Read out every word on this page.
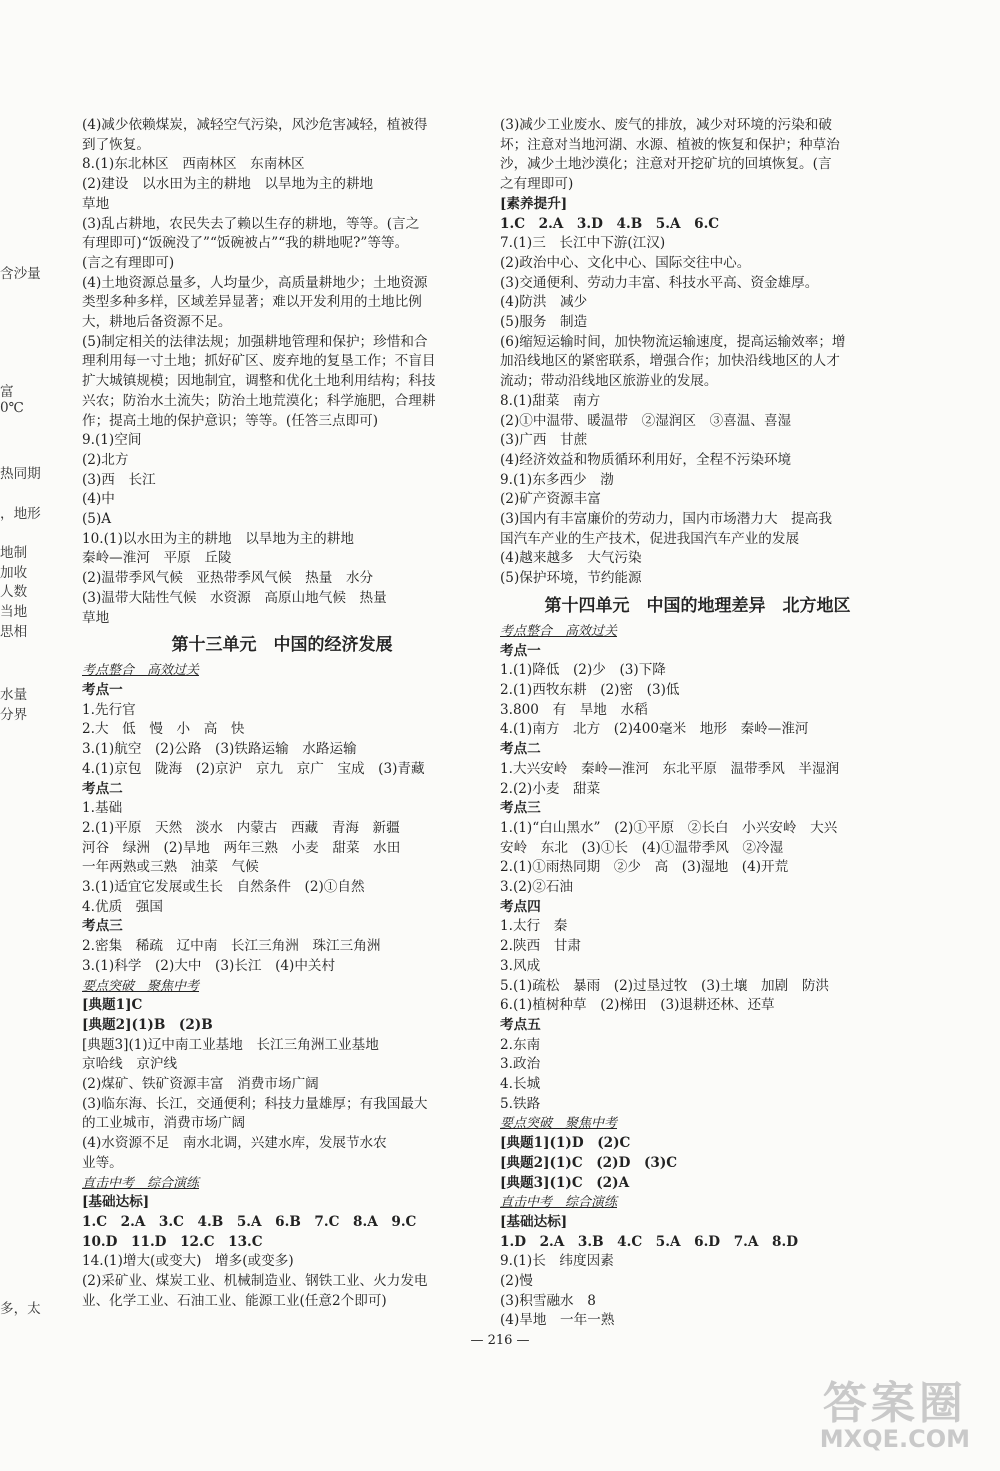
含沙量
富
0℃
热同期
，地形
地制
加收
人数
当地
思相
水量
分界
多，太
(4)减少依赖煤炭，减轻空气污染，风沙危害减轻，植被得
到了恢复。
8.(1)东北林区　西南林区　东南林区
(2)建设　以水田为主的耕地　以旱地为主的耕地
草地
(3)乱占耕地，农民失去了赖以生存的耕地，等等。(言之
有理即可)“饭碗没了”“饭碗被占”“我的耕地呢?”等等。
(言之有理即可)
(4)土地资源总量多，人均量少，高质量耕地少；土地资源
类型多种多样，区域差异显著；难以开发利用的土地比例
大，耕地后备资源不足。
(5)制定相关的法律法规；加强耕地管理和保护；珍惜和合
理利用每一寸土地；抓好矿区、废弃地的复垦工作；不盲目
扩大城镇规模；因地制宜，调整和优化土地利用结构；科技
兴农；防治水土流失；防治土地荒漠化；科学施肥，合理耕
作；提高土地的保护意识；等等。(任答三点即可)
9.(1)空间
(2)北方
(3)西　长江
(4)中
(5)A
10.(1)以水田为主的耕地　以旱地为主的耕地
秦岭—淮河　平原　丘陵
(2)温带季风气候　亚热带季风气候　热量　水分
(3)温带大陆性气候　水资源　高原山地气候　热量
草地
第十三单元　中国的经济发展
考点整合　高效过关
考点一
1.先行官
2.大　低　慢　小　高　快
3.(1)航空　(2)公路　(3)铁路运输　水路运输
4.(1)京包　陇海　(2)京沪　京九　京广　宝成　(3)青藏
考点二
1.基础
2.(1)平原　天然　淡水　内蒙古　西藏　青海　新疆
河谷　绿洲　(2)旱地　两年三熟　小麦　甜菜　水田
一年两熟或三熟　油菜　气候
3.(1)适宜它发展或生长　自然条件　(2)①自然
4.优质　强国
考点三
2.密集　稀疏　辽中南　长江三角洲　珠江三角洲
3.(1)科学　(2)大中　(3)长江　(4)中关村
要点突破　聚焦中考
[典题1]C
[典题2](1)B　(2)B
[典题3](1)辽中南工业基地　长江三角洲工业基地
京哈线　京沪线
(2)煤矿、铁矿资源丰富　消费市场广阔
(3)临东海、长江，交通便利；科技力量雄厚；有我国最大
的工业城市，消费市场广阔
(4)水资源不足　南水北调，兴建水库，发展节水农
业等。
直击中考　综合演练
[基础达标]
1.C　2.A　3.C　4.B　5.A　6.B　7.C　8.A　9.C
10.D　11.D　12.C　13.C
14.(1)增大(或变大)　增多(或变多)
(2)采矿业、煤炭工业、机械制造业、钢铁工业、火力发电
业、化学工业、石油工业、能源工业(任意2个即可)
(3)减少工业废水、废气的排放，减少对环境的污染和破
坏；注意对当地河湖、水源、植被的恢复和保护；种草治
沙，减少土地沙漠化；注意对开挖矿坑的回填恢复。(言
之有理即可)
[素养提升]
1.C　2.A　3.D　4.B　5.A　6.C
7.(1)三　长江中下游(江汉)
(2)政治中心、文化中心、国际交往中心。
(3)交通便利、劳动力丰富、科技水平高、资金雄厚。
(4)防洪　减少
(5)服务　制造
(6)缩短运输时间，加快物流运输速度，提高运输效率；增
加沿线地区的紧密联系，增强合作；加快沿线地区的人才
流动；带动沿线地区旅游业的发展。
8.(1)甜菜　南方
(2)①中温带、暖温带　②湿润区　③喜温、喜湿
(3)广西　甘蔗
(4)经济效益和物质循环利用好，全程不污染环境
9.(1)东多西少　渤
(2)矿产资源丰富
(3)国内有丰富廉价的劳动力，国内市场潜力大　提高我
国汽车产业的生产技术，促进我国汽车产业的发展
(4)越来越多　大气污染
(5)保护环境，节约能源
第十四单元　中国的地理差异　北方地区
考点整合　高效过关
考点一
1.(1)降低　(2)少　(3)下降
2.(1)西牧东耕　(2)密　(3)低
3.800　有　旱地　水稻
4.(1)南方　北方　(2)400毫米　地形　秦岭—淮河
考点二
1.大兴安岭　秦岭—淮河　东北平原　温带季风　半湿润
2.(2)小麦　甜菜
考点三
1.(1)“白山黑水”　(2)①平原　②长白　小兴安岭　大兴
安岭　东北　(3)①长　(4)①温带季风　②冷湿
2.(1)①雨热同期　②少　高　(3)湿地　(4)开荒
3.(2)②石油
考点四
1.太行　秦
2.陕西　甘肃
3.风成
5.(1)疏松　暴雨　(2)过垦过牧　(3)土壤　加剧　防洪
6.(1)植树种草　(2)梯田　(3)退耕还林、还草
考点五
2.东南
3.政治
4.长城
5.铁路
要点突破　聚焦中考
[典题1](1)D　(2)C
[典题2](1)C　(2)D　(3)C
[典题3](1)C　(2)A
直击中考　综合演练
[基础达标]
1.D　2.A　3.B　4.C　5.A　6.D　7.A　8.D
9.(1)长　纬度因素
(2)慢
(3)积雪融水　8
(4)旱地　一年一熟
— 216 —
答案圈
MXQE.COM
